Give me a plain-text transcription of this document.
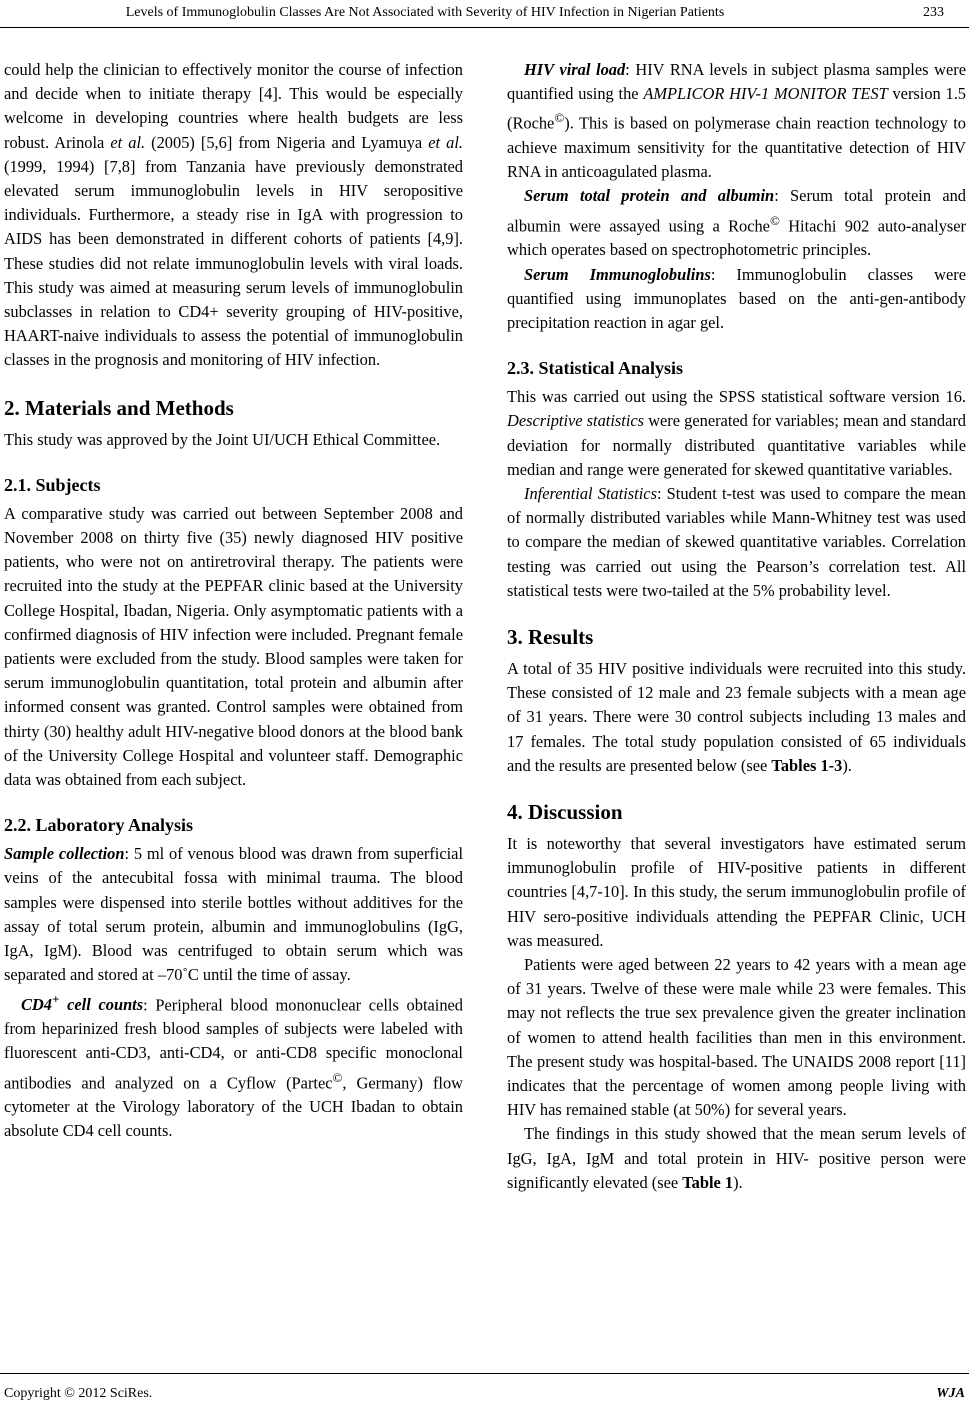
Levels of Immunoglobulin Classes Are Not Associated with Severity of HIV Infection in Nigerian Patients	233

could help the clinician to effectively monitor the course of infection and decide when to initiate therapy [4]. This would be especially welcome in developing countries where health budgets are less robust. Arinola et al. (2005) [5,6] from Nigeria and Lyamuya et al. (1999, 1994) [7,8] from Tanzania have previously demonstrated elevated serum immunoglobulin levels in HIV seropositive individuals. Furthermore, a steady rise in IgA with progression to AIDS has been demonstrated in different cohorts of patients [4,9]. These studies did not relate immunoglobulin levels with viral loads. This study was aimed at measuring serum levels of immunoglobulin subclasses in relation to CD4+ severity grouping of HIV-positive, HAART-naive individuals to assess the potential of immunoglobulin classes in the prognosis and monitoring of HIV infection.

2. Materials and Methods

This study was approved by the Joint UI/UCH Ethical Committee.

2.1. Subjects

A comparative study was carried out between September 2008 and November 2008 on thirty five (35) newly diagnosed HIV positive patients, who were not on antiretroviral therapy. The patients were recruited into the study at the PEPFAR clinic based at the University College Hospital, Ibadan, Nigeria. Only asymptomatic patients with a confirmed diagnosis of HIV infection were included. Pregnant female patients were excluded from the study. Blood samples were taken for serum immunoglobulin quantitation, total protein and albumin after informed consent was granted. Control samples were obtained from thirty (30) healthy adult HIV-negative blood donors at the blood bank of the University College Hospital and volunteer staff. Demographic data was obtained from each subject.

2.2. Laboratory Analysis

Sample collection: 5 ml of venous blood was drawn from superficial veins of the antecubital fossa with minimal trauma. The blood samples were dispensed into sterile bottles without additives for the assay of total serum protein, albumin and immunoglobulins (IgG, IgA, IgM). Blood was centrifuged to obtain serum which was separated and stored at –70˚C until the time of assay.

CD4+ cell counts: Peripheral blood mononuclear cells obtained from heparinized fresh blood samples of subjects were labeled with fluorescent anti-CD3, anti-CD4, or anti-CD8 specific monoclonal antibodies and analyzed on a Cyflow (Partec©, Germany) flow cytometer at the Virology laboratory of the UCH Ibadan to obtain absolute CD4 cell counts.

HIV viral load: HIV RNA levels in subject plasma samples were quantified using the AMPLICOR HIV-1 MONITOR TEST version 1.5 (Roche©). This is based on polymerase chain reaction technology to achieve maximum sensitivity for the quantitative detection of HIV RNA in anticoagulated plasma.

Serum total protein and albumin: Serum total protein and albumin were assayed using a Roche© Hitachi 902 auto-analyser which operates based on spectrophotometric principles.

Serum Immunoglobulins: Immunoglobulin classes were quantified using immunoplates based on the anti-gen-antibody precipitation reaction in agar gel.

2.3. Statistical Analysis

This was carried out using the SPSS statistical software version 16. Descriptive statistics were generated for variables; mean and standard deviation for normally distributed quantitative variables while median and range were generated for skewed quantitative variables.

Inferential Statistics: Student t-test was used to compare the mean of normally distributed variables while Mann-Whitney test was used to compare the median of skewed quantitative variables. Correlation testing was carried out using the Pearson’s correlation test. All statistical tests were two-tailed at the 5% probability level.

3. Results

A total of 35 HIV positive individuals were recruited into this study. These consisted of 12 male and 23 female subjects with a mean age of 31 years. There were 30 control subjects including 13 males and 17 females. The total study population consisted of 65 individuals and the results are presented below (see Tables 1-3).

4. Discussion

It is noteworthy that several investigators have estimated serum immunoglobulin profile of HIV-positive patients in different countries [4,7-10]. In this study, the serum immunoglobulin profile of HIV sero-positive individuals attending the PEPFAR Clinic, UCH was measured.

Patients were aged between 22 years to 42 years with a mean age of 31 years. Twelve of these were male while 23 were females. This may not reflects the true sex prevalence given the greater inclination of women to attend health facilities than men in this environment. The present study was hospital-based. The UNAIDS 2008 report [11] indicates that the percentage of women among people living with HIV has remained stable (at 50%) for several years.

The findings in this study showed that the mean serum levels of IgG, IgA, IgM and total protein in HIV- positive person were significantly elevated (see Table 1).

Copyright © 2012 SciRes.	WJA
